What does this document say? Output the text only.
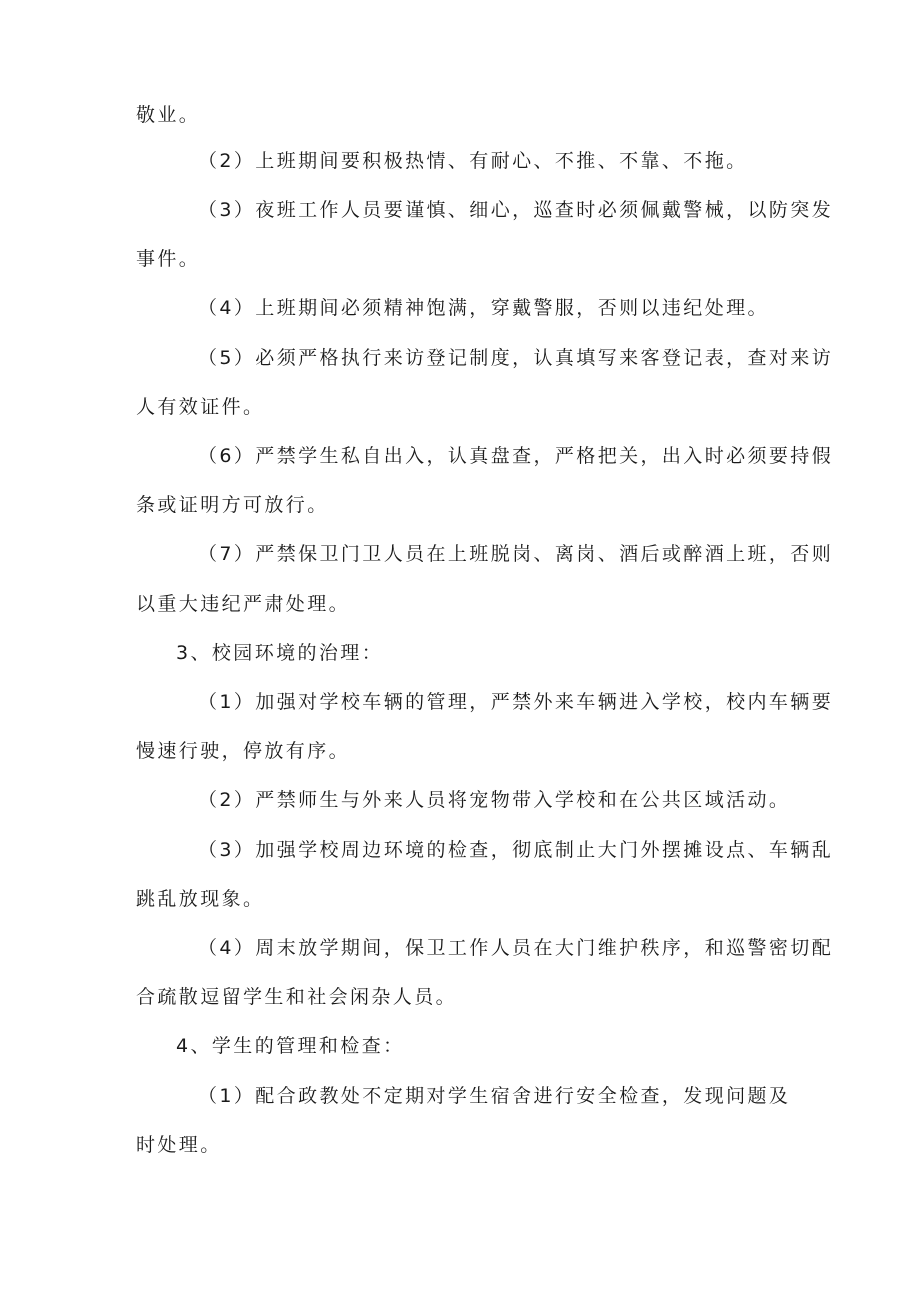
敬业。
（2）上班期间要积极热情、有耐心、不推、不靠、不拖。
（3）夜班工作人员要谨慎、细心，巡查时必须佩戴警械，以防突发
事件。
（4）上班期间必须精神饱满，穿戴警服，否则以违纪处理。
（5）必须严格执行来访登记制度，认真填写来客登记表，查对来访
人有效证件。
（6）严禁学生私自出入，认真盘查，严格把关，出入时必须要持假
条或证明方可放行。
（7）严禁保卫门卫人员在上班脱岗、离岗、酒后或醉酒上班，否则
以重大违纪严肃处理。
3、校园环境的治理：
（1）加强对学校车辆的管理，严禁外来车辆进入学校，校内车辆要
慢速行驶，停放有序。
（2）严禁师生与外来人员将宠物带入学校和在公共区域活动。
（3）加强学校周边环境的检查，彻底制止大门外摆摊设点、车辆乱
跳乱放现象。
（4）周末放学期间，保卫工作人员在大门维护秩序，和巡警密切配
合疏散逗留学生和社会闲杂人员。
4、学生的管理和检查：
（1）配合政教处不定期对学生宿舍进行安全检查，发现问题及
时处理。
